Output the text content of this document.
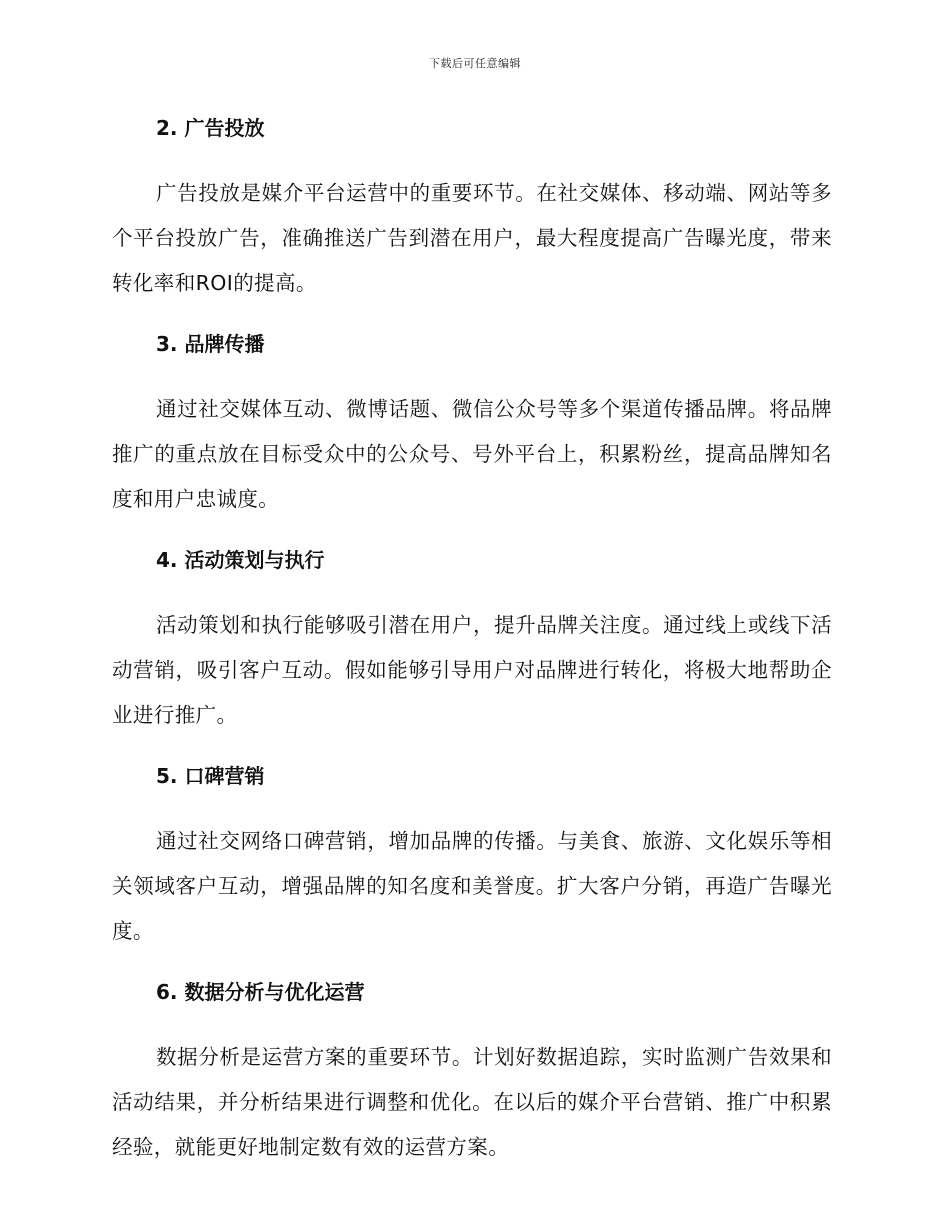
下载后可任意编辑
2. 广告投放

广告投放是媒介平台运营中的重要环节。在社交媒体、移动端、网站等多个平台投放广告，准确推送广告到潜在用户，最大程度提高广告曝光度，带来转化率和ROI的提高。

3. 品牌传播

通过社交媒体互动、微博话题、微信公众号等多个渠道传播品牌。将品牌推广的重点放在目标受众中的公众号、号外平台上，积累粉丝，提高品牌知名度和用户忠诚度。

4. 活动策划与执行

活动策划和执行能够吸引潜在用户，提升品牌关注度。通过线上或线下活动营销，吸引客户互动。假如能够引导用户对品牌进行转化，将极大地帮助企业进行推广。

5. 口碑营销

通过社交网络口碑营销，增加品牌的传播。与美食、旅游、文化娱乐等相关领域客户互动，增强品牌的知名度和美誉度。扩大客户分销，再造广告曝光度。

6. 数据分析与优化运营

数据分析是运营方案的重要环节。计划好数据追踪，实时监测广告效果和活动结果，并分析结果进行调整和优化。在以后的媒介平台营销、推广中积累经验，就能更好地制定数有效的运营方案。
